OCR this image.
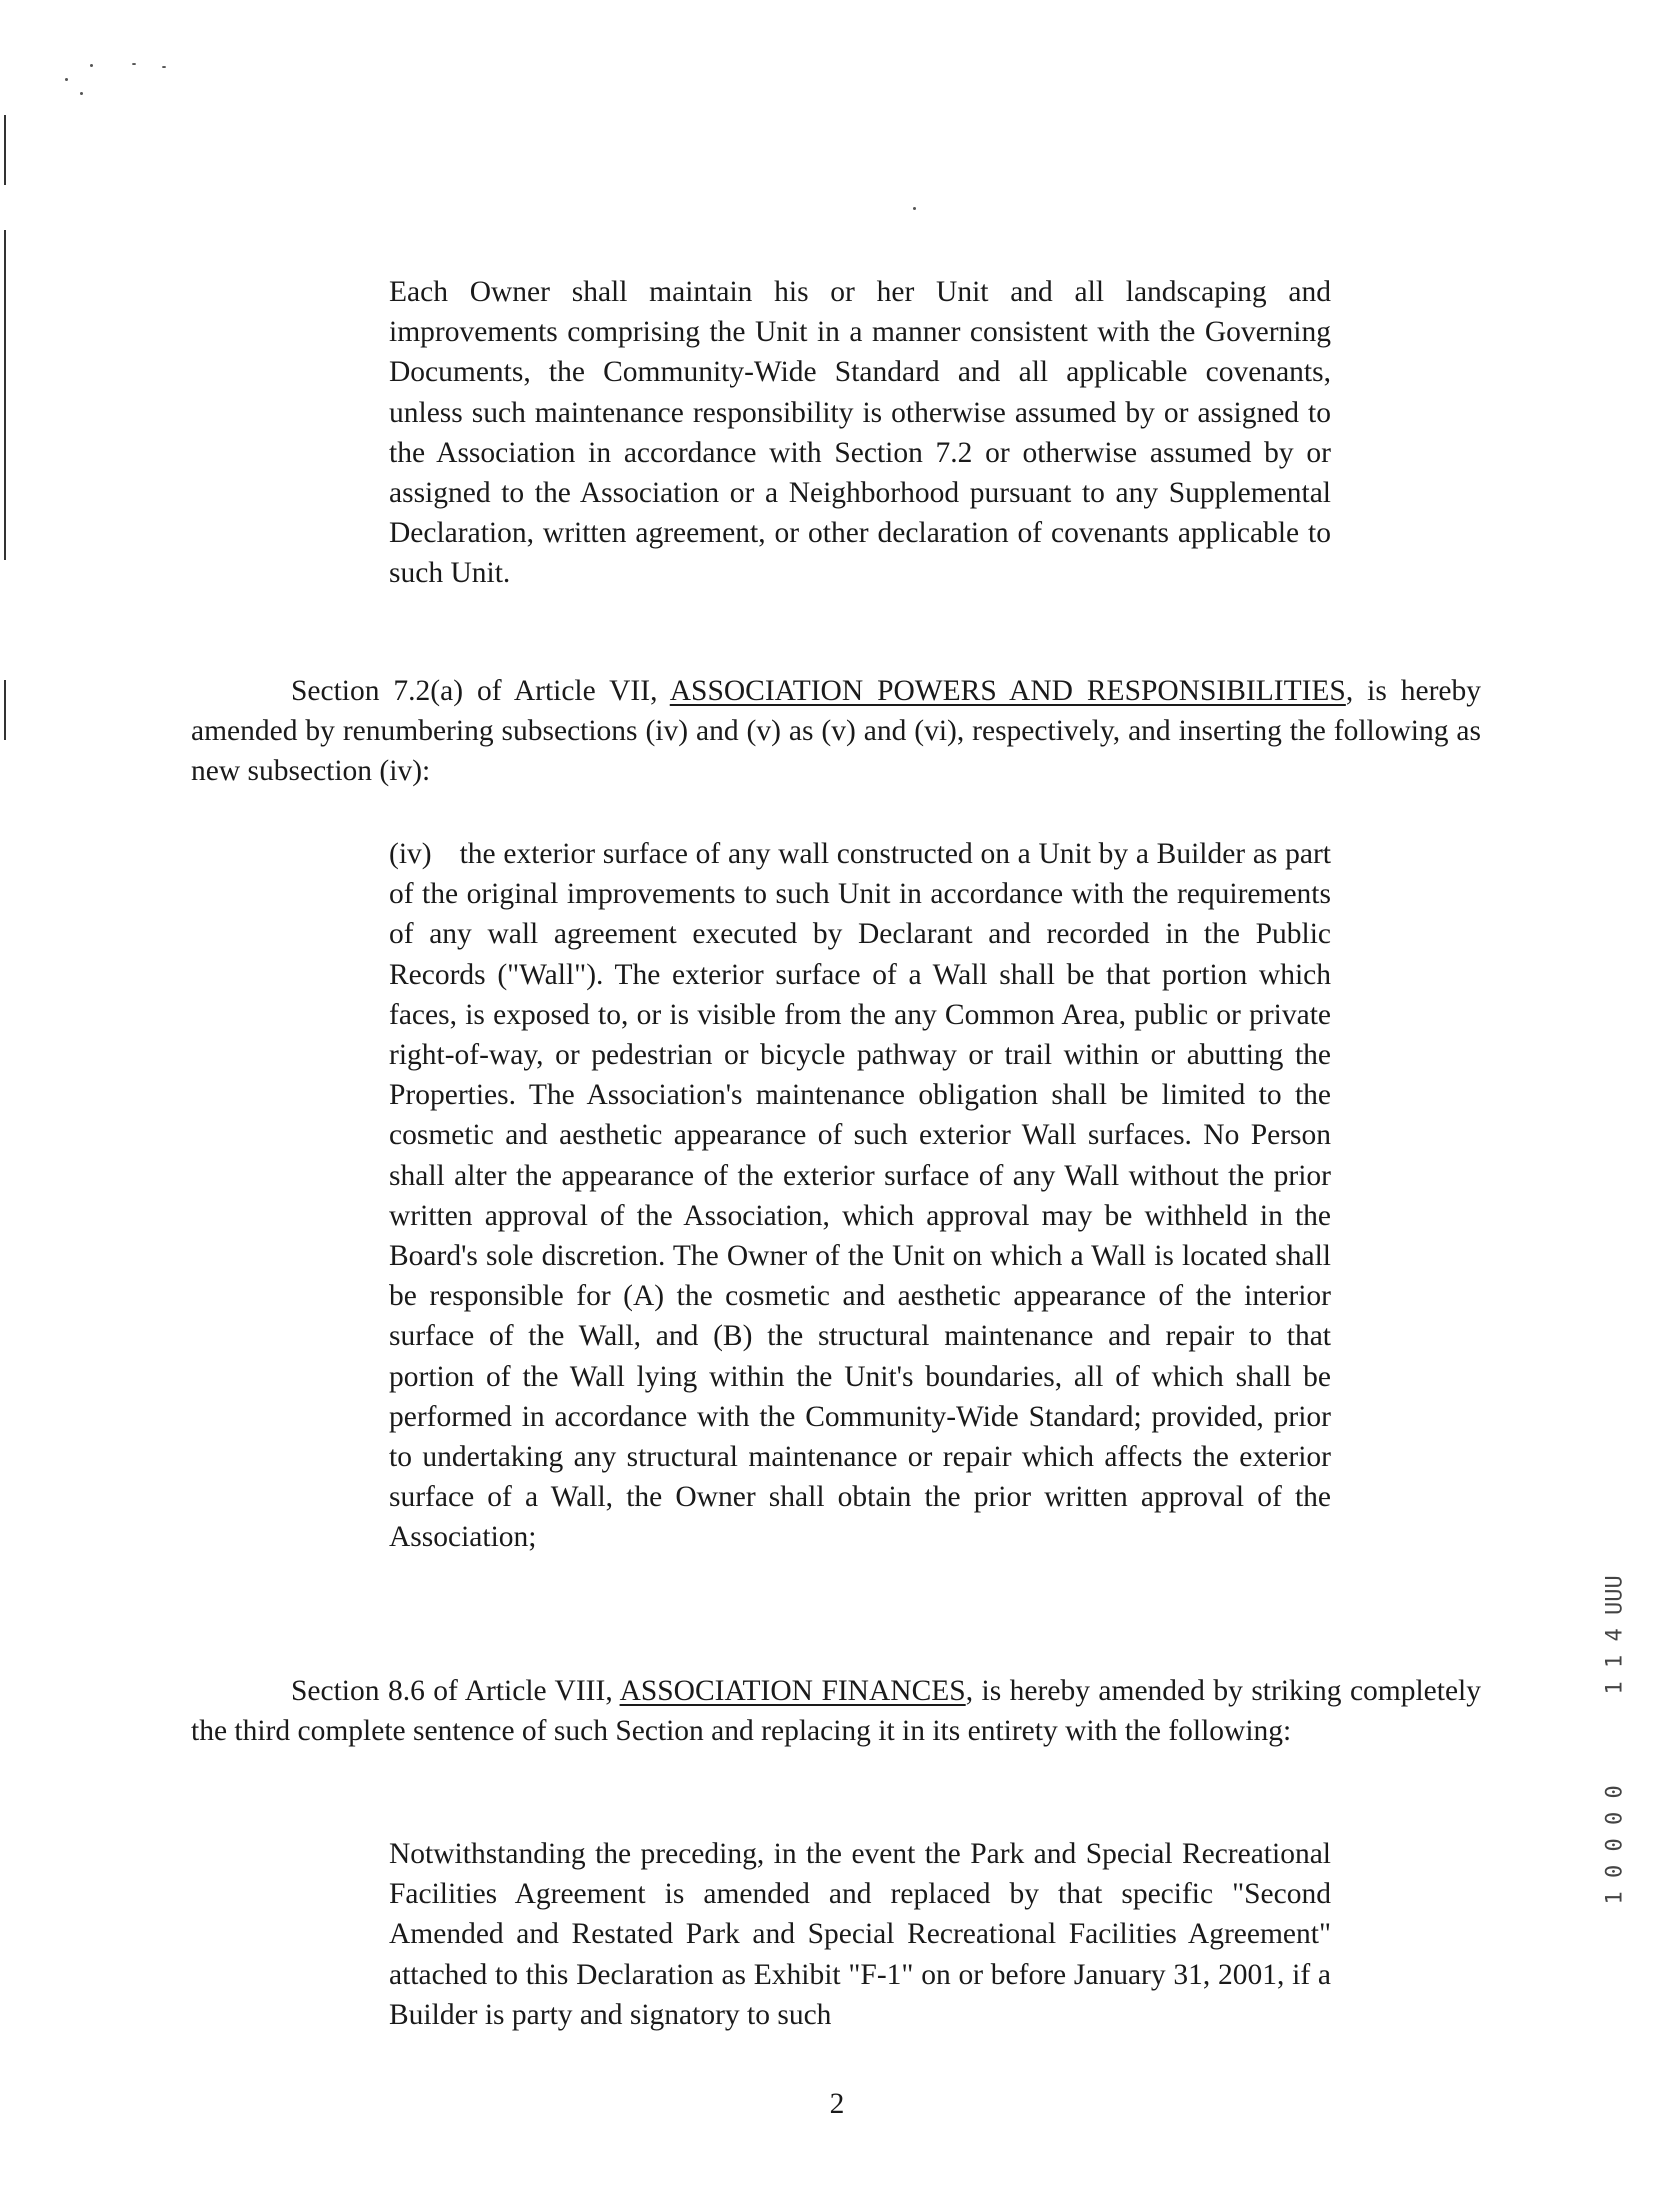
Each Owner shall maintain his or her Unit and all landscaping and improvements comprising the Unit in a manner consistent with the Governing Documents, the Community-Wide Standard and all applicable covenants, unless such maintenance responsibility is otherwise assumed by or assigned to the Association in accordance with Section 7.2 or otherwise assumed by or assigned to the Association or a Neighborhood pursuant to any Supplemental Declaration, written agreement, or other declaration of covenants applicable to such Unit.

Section 7.2(a) of Article VII, ASSOCIATION POWERS AND RESPONSIBILITIES, is hereby amended by renumbering subsections (iv) and (v) as (v) and (vi), respectively, and inserting the following as new subsection (iv):

(iv) the exterior surface of any wall constructed on a Unit by a Builder as part of the original improvements to such Unit in accordance with the requirements of any wall agreement executed by Declarant and recorded in the Public Records ("Wall"). The exterior surface of a Wall shall be that portion which faces, is exposed to, or is visible from the any Common Area, public or private right-of-way, or pedestrian or bicycle pathway or trail within or abutting the Properties. The Association's maintenance obligation shall be limited to the cosmetic and aesthetic appearance of such exterior Wall surfaces. No Person shall alter the appearance of the exterior surface of any Wall without the prior written approval of the Association, which approval may be withheld in the Board's sole discretion. The Owner of the Unit on which a Wall is located shall be responsible for (A) the cosmetic and aesthetic appearance of the interior surface of the Wall, and (B) the structural maintenance and repair to that portion of the Wall lying within the Unit's boundaries, all of which shall be performed in accordance with the Community-Wide Standard; provided, prior to undertaking any structural maintenance or repair which affects the exterior surface of a Wall, the Owner shall obtain the prior written approval of the Association;

Section 8.6 of Article VIII, ASSOCIATION FINANCES, is hereby amended by striking completely the third complete sentence of such Section and replacing it in its entirety with the following:

Notwithstanding the preceding, in the event the Park and Special Recreational Facilities Agreement is amended and replaced by that specific "Second Amended and Restated Park and Special Recreational Facilities Agreement" attached to this Declaration as Exhibit "F-1" on or before January 31, 2001, if a Builder is party and signatory to such

2
1 1 4 UUU
1 0 0 0 0
